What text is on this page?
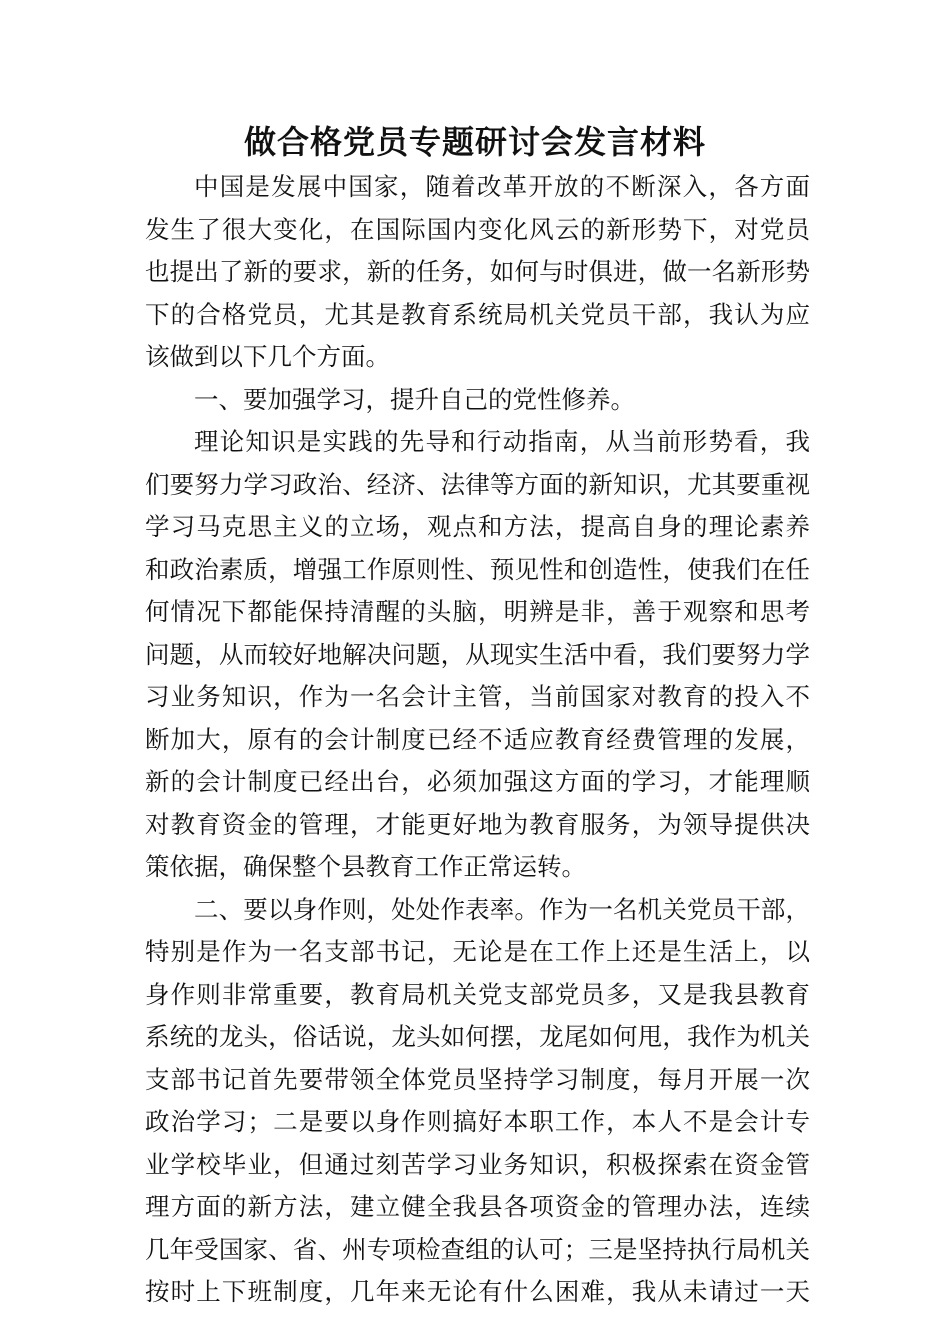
做合格党员专题研讨会发言材料
中国是发展中国家，随着改革开放的不断深入，各方面
发生了很大变化，在国际国内变化风云的新形势下，对党员
也提出了新的要求，新的任务，如何与时俱进，做一名新形势
下的合格党员，尤其是教育系统局机关党员干部，我认为应
该做到以下几个方面。
一、要加强学习，提升自己的党性修养。
理论知识是实践的先导和行动指南，从当前形势看，我
们要努力学习政治、经济、法律等方面的新知识，尤其要重视
学习马克思主义的立场，观点和方法，提高自身的理论素养
和政治素质，增强工作原则性、预见性和创造性，使我们在任
何情况下都能保持清醒的头脑，明辨是非，善于观察和思考
问题，从而较好地解决问题，从现实生活中看，我们要努力学
习业务知识，作为一名会计主管，当前国家对教育的投入不
断加大，原有的会计制度已经不适应教育经费管理的发展，
新的会计制度已经出台，必须加强这方面的学习，才能理顺
对教育资金的管理，才能更好地为教育服务，为领导提供决
策依据，确保整个县教育工作正常运转。
二、要以身作则，处处作表率。作为一名机关党员干部，
特别是作为一名支部书记，无论是在工作上还是生活上，以
身作则非常重要，教育局机关党支部党员多，又是我县教育
系统的龙头，俗话说，龙头如何摆，龙尾如何甩，我作为机关
支部书记首先要带领全体党员坚持学习制度，每月开展一次
政治学习；二是要以身作则搞好本职工作，本人不是会计专
业学校毕业，但通过刻苦学习业务知识，积极探索在资金管
理方面的新方法，建立健全我县各项资金的管理办法，连续
几年受国家、省、州专项检查组的认可；三是坚持执行局机关
按时上下班制度，几年来无论有什么困难，我从未请过一天
